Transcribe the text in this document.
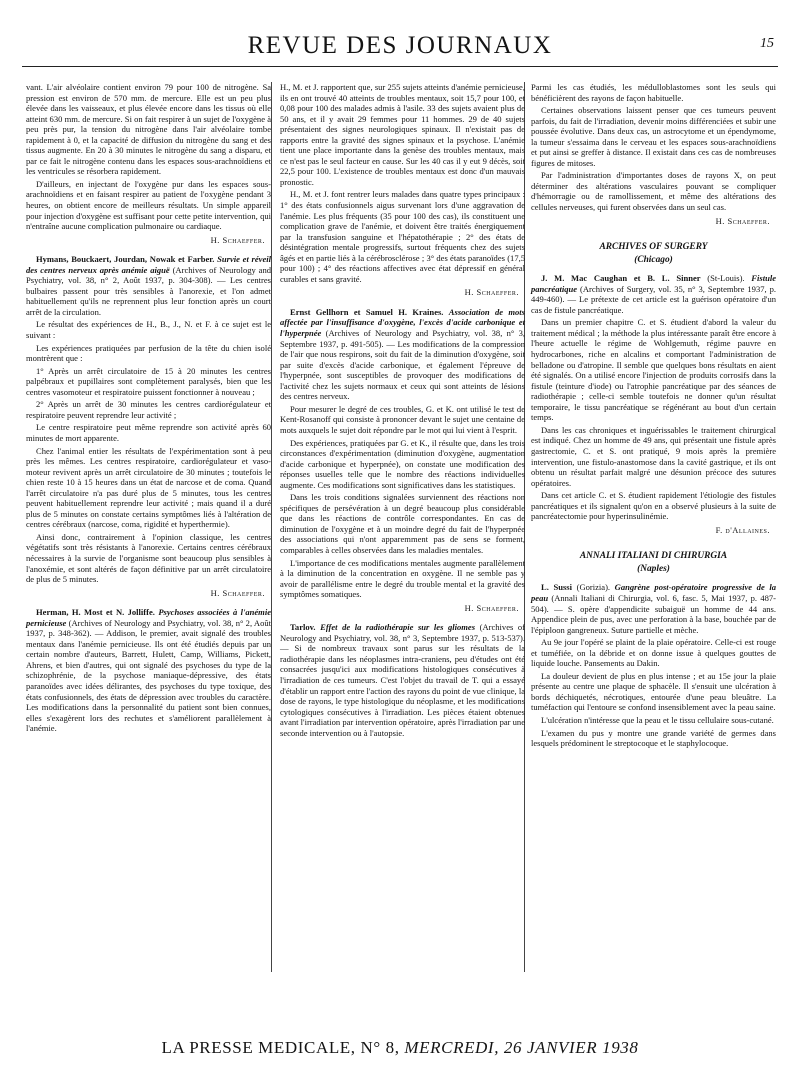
REVUE DES JOURNAUX	15

vant. L'air alvéolaire contient environ 79 pour 100 de nitrogène. Sa pression est environ de 570 mm. de mercure. Elle est un peu plus élevée dans les vaisseaux, et plus élevée encore dans les tissus où elle atteint 630 mm. de mercure. Si on fait respirer à un sujet de l'oxygène à peu près pur, la tension du nitrogène dans l'air alvéolaire tombe rapidement à 0, et la capacité de diffusion du nitrogène du sang et des tissus augmente. En 20 à 30 minutes le nitrogène du sang a disparu, et par ce fait le nitrogène contenu dans les espaces sous-arachnoïdiens et les ventricules se résorbera rapidement.

D'ailleurs, en injectant de l'oxygène pur dans les espaces sous-arachnoïdiens et en faisant respirer au patient de l'oxygène pendant 3 heures, on obtient encore de meilleurs résultats. Un simple appareil pour injection d'oxygène est suffisant pour cette petite intervention, qui n'entraîne aucune complication pulmonaire ou cardiaque.

H. Schaeffer.

Hymans, Bouckaert, Jourdan, Nowak et Farber. Survie et réveil des centres nerveux après anémie aiguë (Archives of Neurology and Psychiatry, vol. 38, n° 2, Août 1937, p. 304-308). — Les centres bulbaires passent pour très sensibles à l'anorexie, et l'on admet habituellement qu'ils ne reprennent plus leur fonction après un court arrêt de la circulation.

Le résultat des expériences de H., B., J., N. et F. à ce sujet est le suivant :

Les expériences pratiquées par perfusion de la tête du chien isolé montrèrent que :

1° Après un arrêt circulatoire de 15 à 20 minutes les centres palpébraux et pupillaires sont complètement paralysés, bien que les centres vasomoteur et respiratoire puissent fonctionner à nouveau ;

2° Après un arrêt de 30 minutes les centres cardiorégulateur et respiratoire peuvent reprendre leur activité ;

Le centre respiratoire peut même reprendre son activité après 60 minutes de mort apparente.

Chez l'animal entier les résultats de l'expérimentation sont à peu près les mêmes. Les centres respiratoire, cardiorégulateur et vaso-moteur revivent après un arrêt circulatoire de 30 minutes ; toutefois le chien reste 10 à 15 heures dans un état de narcose et de coma. Quand l'arrêt circulatoire n'a pas duré plus de 5 minutes, tous les centres peuvent habituellement reprendre leur activité ; mais quand il a duré plus de 5 minutes on constate certains symptômes liés à l'altération de centres cérébraux (narcose, coma, rigidité et hyperthermie).

Ainsi donc, contrairement à l'opinion classique, les centres végétatifs sont très résistants à l'anorexie. Certains centres cérébraux nécessaires à la survie de l'organisme sont beaucoup plus sensibles à l'anoxémie, et sont altérés de façon définitive par un arrêt circulatoire de plus de 5 minutes.

H. Schaeffer.

Herman, H. Most et N. Jolliffe. Psychoses associées à l'anémie pernicieuse (Archives of Neurology and Psychiatry, vol. 38, n° 2, Août 1937, p. 348-362). — Addison, le premier, avait signalé des troubles mentaux dans l'anémie pernicieuse. Ils ont été étudiés depuis par un certain nombre d'auteurs, Barrett, Hulett, Camp, Williams, Pickett, Ahrens, et bien d'autres, qui ont signalé des psychoses du type de la schizophrénie, de la psychose maniaque-dépressive, des états paranoïdes avec idées délirantes, des psychoses du type toxique, des états confusionnels, des états de dépression avec troubles du caractère. Les modifications dans la personnalité du patient sont bien connues, elles s'exagèrent lors des rechutes et s'améliorent parallèlement à l'anémie.

H., M. et J. rapportent que, sur 255 sujets atteints d'anémie pernicieuse, ils en ont trouvé 40 atteints de troubles mentaux, soit 15,7 pour 100, et 0,08 pour 100 des malades admis à l'asile. 33 des sujets avaient plus de 50 ans, et il y avait 29 femmes pour 11 hommes. 29 de 40 sujets présentaient des signes neurologiques spinaux. Il n'existait pas de rapports entre la gravité des signes spinaux et la psychose. L'anémie tient une place importante dans la genèse des troubles mentaux, mais ce n'est pas le seul facteur en cause. Sur les 40 cas il y eut 9 décès, soit 22,5 pour 100. L'existence de troubles mentaux est donc d'un mauvais pronostic.

H., M. et J. font rentrer leurs malades dans quatre types principaux : 1° des états confusionnels aigus survenant lors d'une aggravation de l'anémie. Les plus fréquents (35 pour 100 des cas), ils constituent une complication grave de l'anémie, et doivent être traités énergiquement par la transfusion sanguine et l'hépatothérapie ; 2° des états de désintégration mentale progressifs, surtout fréquents chez des sujets âgés et en partie liés à la cérébrosclérose ; 3° des états paranoïdes (17,5 pour 100) ; 4° des réactions affectives avec état dépressif en général curables et sans gravité.

H. Schaeffer.

Ernst Gellhorn et Samuel H. Kraines. Association de mots affectée par l'insuffisance d'oxygène, l'excès d'acide carbonique et l'hyperpnée (Archives of Neurology and Psychiatry, vol. 38, n° 3, Septembre 1937, p. 491-505). — Les modifications de la compression de l'air que nous respirons, soit du fait de la diminution d'oxygène, soit par suite d'excès d'acide carbonique, et également l'épreuve de l'hyperpnée, sont susceptibles de provoquer des modifications de l'activité chez les sujets normaux et ceux qui sont atteints de lésions des centres nerveux.

Pour mesurer le degré de ces troubles, G. et K. ont utilisé le test de Kent-Rosanoff qui consiste à prononcer devant le sujet une centaine de mots auxquels le sujet doit répondre par le mot qui lui vient à l'esprit.

Des expériences, pratiquées par G. et K., il résulte que, dans les trois circonstances d'expérimentation (diminution d'oxygène, augmentation d'acide carbonique et hyperpnée), on constate une modification des réponses usuelles telle que le nombre des réactions individuelles augmente. Ces modifications sont significatives dans les statistiques.

Dans les trois conditions signalées surviennent des réactions non spécifiques de persévération à un degré beaucoup plus considérable que dans les réactions de contrôle correspondantes. En cas de diminution de l'oxygène et à un moindre degré du fait de l'hyperpnée des associations qui n'ont apparemment pas de sens se forment, comparables à celles observées dans les maladies mentales.

L'importance de ces modifications mentales augmente parallèlement à la diminution de la concentration en oxygène. Il ne semble pas y avoir de parallélisme entre le degré du trouble mental et la gravité des symptômes somatiques.

H. Schaeffer.

Tarlov. Effet de la radiothérapie sur les gliomes (Archives of Neurology and Psychiatry, vol. 38, n° 3, Septembre 1937, p. 513-537). — Si de nombreux travaux sont parus sur les résultats de la radiothérapie dans les néoplasmes intra-craniens, peu d'études ont été consacrées jusqu'ici aux modifications histologiques consécutives à l'irradiation de ces tumeurs. C'est l'objet du travail de T. qui a essayé d'établir un rapport entre l'action des rayons du point de vue clinique, la dose de rayons, le type histologique du néoplasme, et les modifications cytologiques consécutives à l'irradiation. Les pièces étaient obtenues avant l'irradiation par intervention opératoire, après l'irradiation par une seconde intervention ou à l'autopsie.

Parmi les cas étudiés, les médulloblastomes sont les seuls qui bénéficièrent des rayons de façon habituelle.

Certaines observations laissent penser que ces tumeurs peuvent parfois, du fait de l'irradiation, devenir moins différenciées et subir une poussée évolutive. Dans deux cas, un astrocytome et un épendymome, la tumeur s'essaima dans le cerveau et les espaces sous-arachnoïdiens et put ainsi se greffer à distance. Il existait dans ces cas de nombreuses figures de mitoses.

Par l'administration d'importantes doses de rayons X, on peut déterminer des altérations vasculaires pouvant se compliquer d'hémorragie ou de ramollissement, et même des altérations des cellules nerveuses, qui furent observées dans un seul cas.

H. Schaeffer.
ARCHIVES OF SURGERY
(Chicago)

J. M. Mac Caughan et B. L. Sinner (St-Louis). Fistule pancréatique (Archives of Surgery, vol. 35, n° 3, Septembre 1937, p. 449-460). — Le prétexte de cet article est la guérison opératoire d'un cas de fistule pancréatique.

Dans un premier chapitre C. et S. étudient d'abord la valeur du traitement médical ; la méthode la plus intéressante paraît être encore à l'heure actuelle le régime de Wohlgemuth, régime pauvre en hydrocarbones, riche en alcalins et comportant l'administration de belladone ou d'atropine. Il semble que quelques bons résultats en aient été signalés. On a utilisé encore l'injection de produits corrosifs dans la fistule (teinture d'iode) ou l'atrophie pancréatique par des séances de radiothérapie ; celle-ci semble toutefois ne donner qu'un résultat temporaire, le tissu pancréatique se régénérant au bout d'un certain temps.

Dans les cas chroniques et inguérissables le traitement chirurgical est indiqué. Chez un homme de 49 ans, qui présentait une fistule après gastrectomie, C. et S. ont pratiqué, 9 mois après la première intervention, une fistulo-anastomose dans la cavité gastrique, et ils ont obtenu un résultat parfait malgré une désunion précoce des sutures opératoires.

Dans cet article C. et S. étudient rapidement l'étiologie des fistules pancréatiques et ils signalent qu'on en a observé plusieurs à la suite de pancréatectomie pour hyperinsulinémie.

F. d'Allaines.
ANNALI ITALIANI DI CHIRURGIA
(Naples)

L. Sussi (Gorizia). Gangrène post-opératoire progressive de la peau (Annali Italiani di Chirurgia, vol. 6, fasc. 5, Mai 1937, p. 487-504). — S. opère d'appendicite subaiguë un homme de 44 ans. Appendice plein de pus, avec une perforation à la base, bouchée par de l'épiploon gangreneux. Suture partielle et mèche.

Au 9e jour l'opéré se plaint de la plaie opératoire. Celle-ci est rouge et tuméfiée, on la débride et on donne issue à quelques gouttes de liquide louche. Pansements au Dakin.

La douleur devient de plus en plus intense ; et au 15e jour la plaie présente au centre une plaque de sphacèle. Il s'ensuit une ulcération à bords déchiquetés, nécrotiques, entourée d'une peau bleuâtre. La tuméfaction qui l'entoure se confond insensiblement avec la peau saine.

L'ulcération n'intéresse que la peau et le tissu cellulaire sous-cutané.

L'examen du pus y montre une grande variété de germes dans lesquels prédominent le streptocoque et le staphylocoque.

LA PRESSE MEDICALE, N° 8, MERCREDI, 26 JANVIER 1938
